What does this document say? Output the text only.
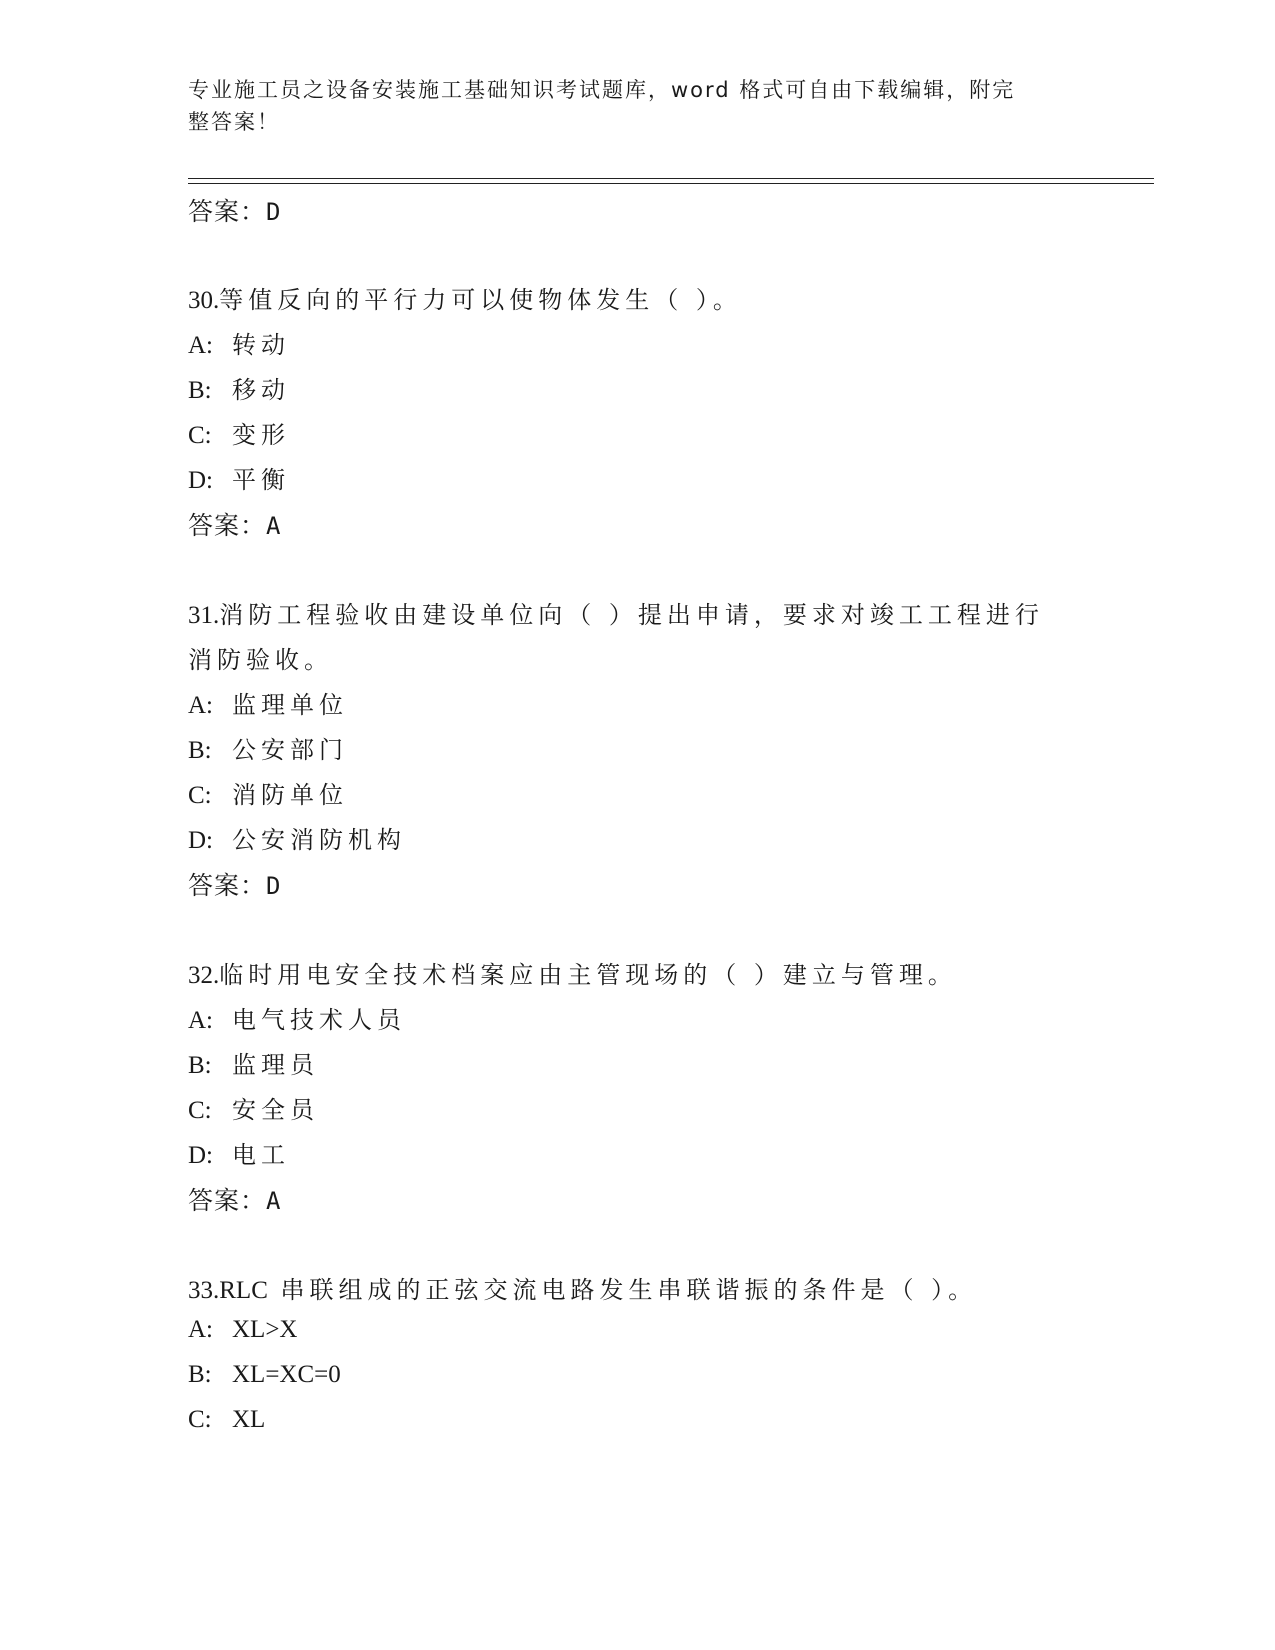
专业施工员之设备安装施工基础知识考试题库，word 格式可自由下载编辑，附完
整答案！
答案：D
30.等值反向的平行力可以使物体发生（ ）。
A: 转动
B: 移动
C: 变形
D: 平衡
答案：A
31.消防工程验收由建设单位向（ ）提出申请，要求对竣工工程进行
消防验收。
A: 监理单位
B: 公安部门
C: 消防单位
D: 公安消防机构
答案：D
32.临时用电安全技术档案应由主管现场的（ ）建立与管理。
A: 电气技术人员
B: 监理员
C: 安全员
D: 电工
答案：A
33.RLC 串联组成的正弦交流电路发生串联谐振的条件是（ ）。
A: XL>X
B: XL=XC=0
C: XL
